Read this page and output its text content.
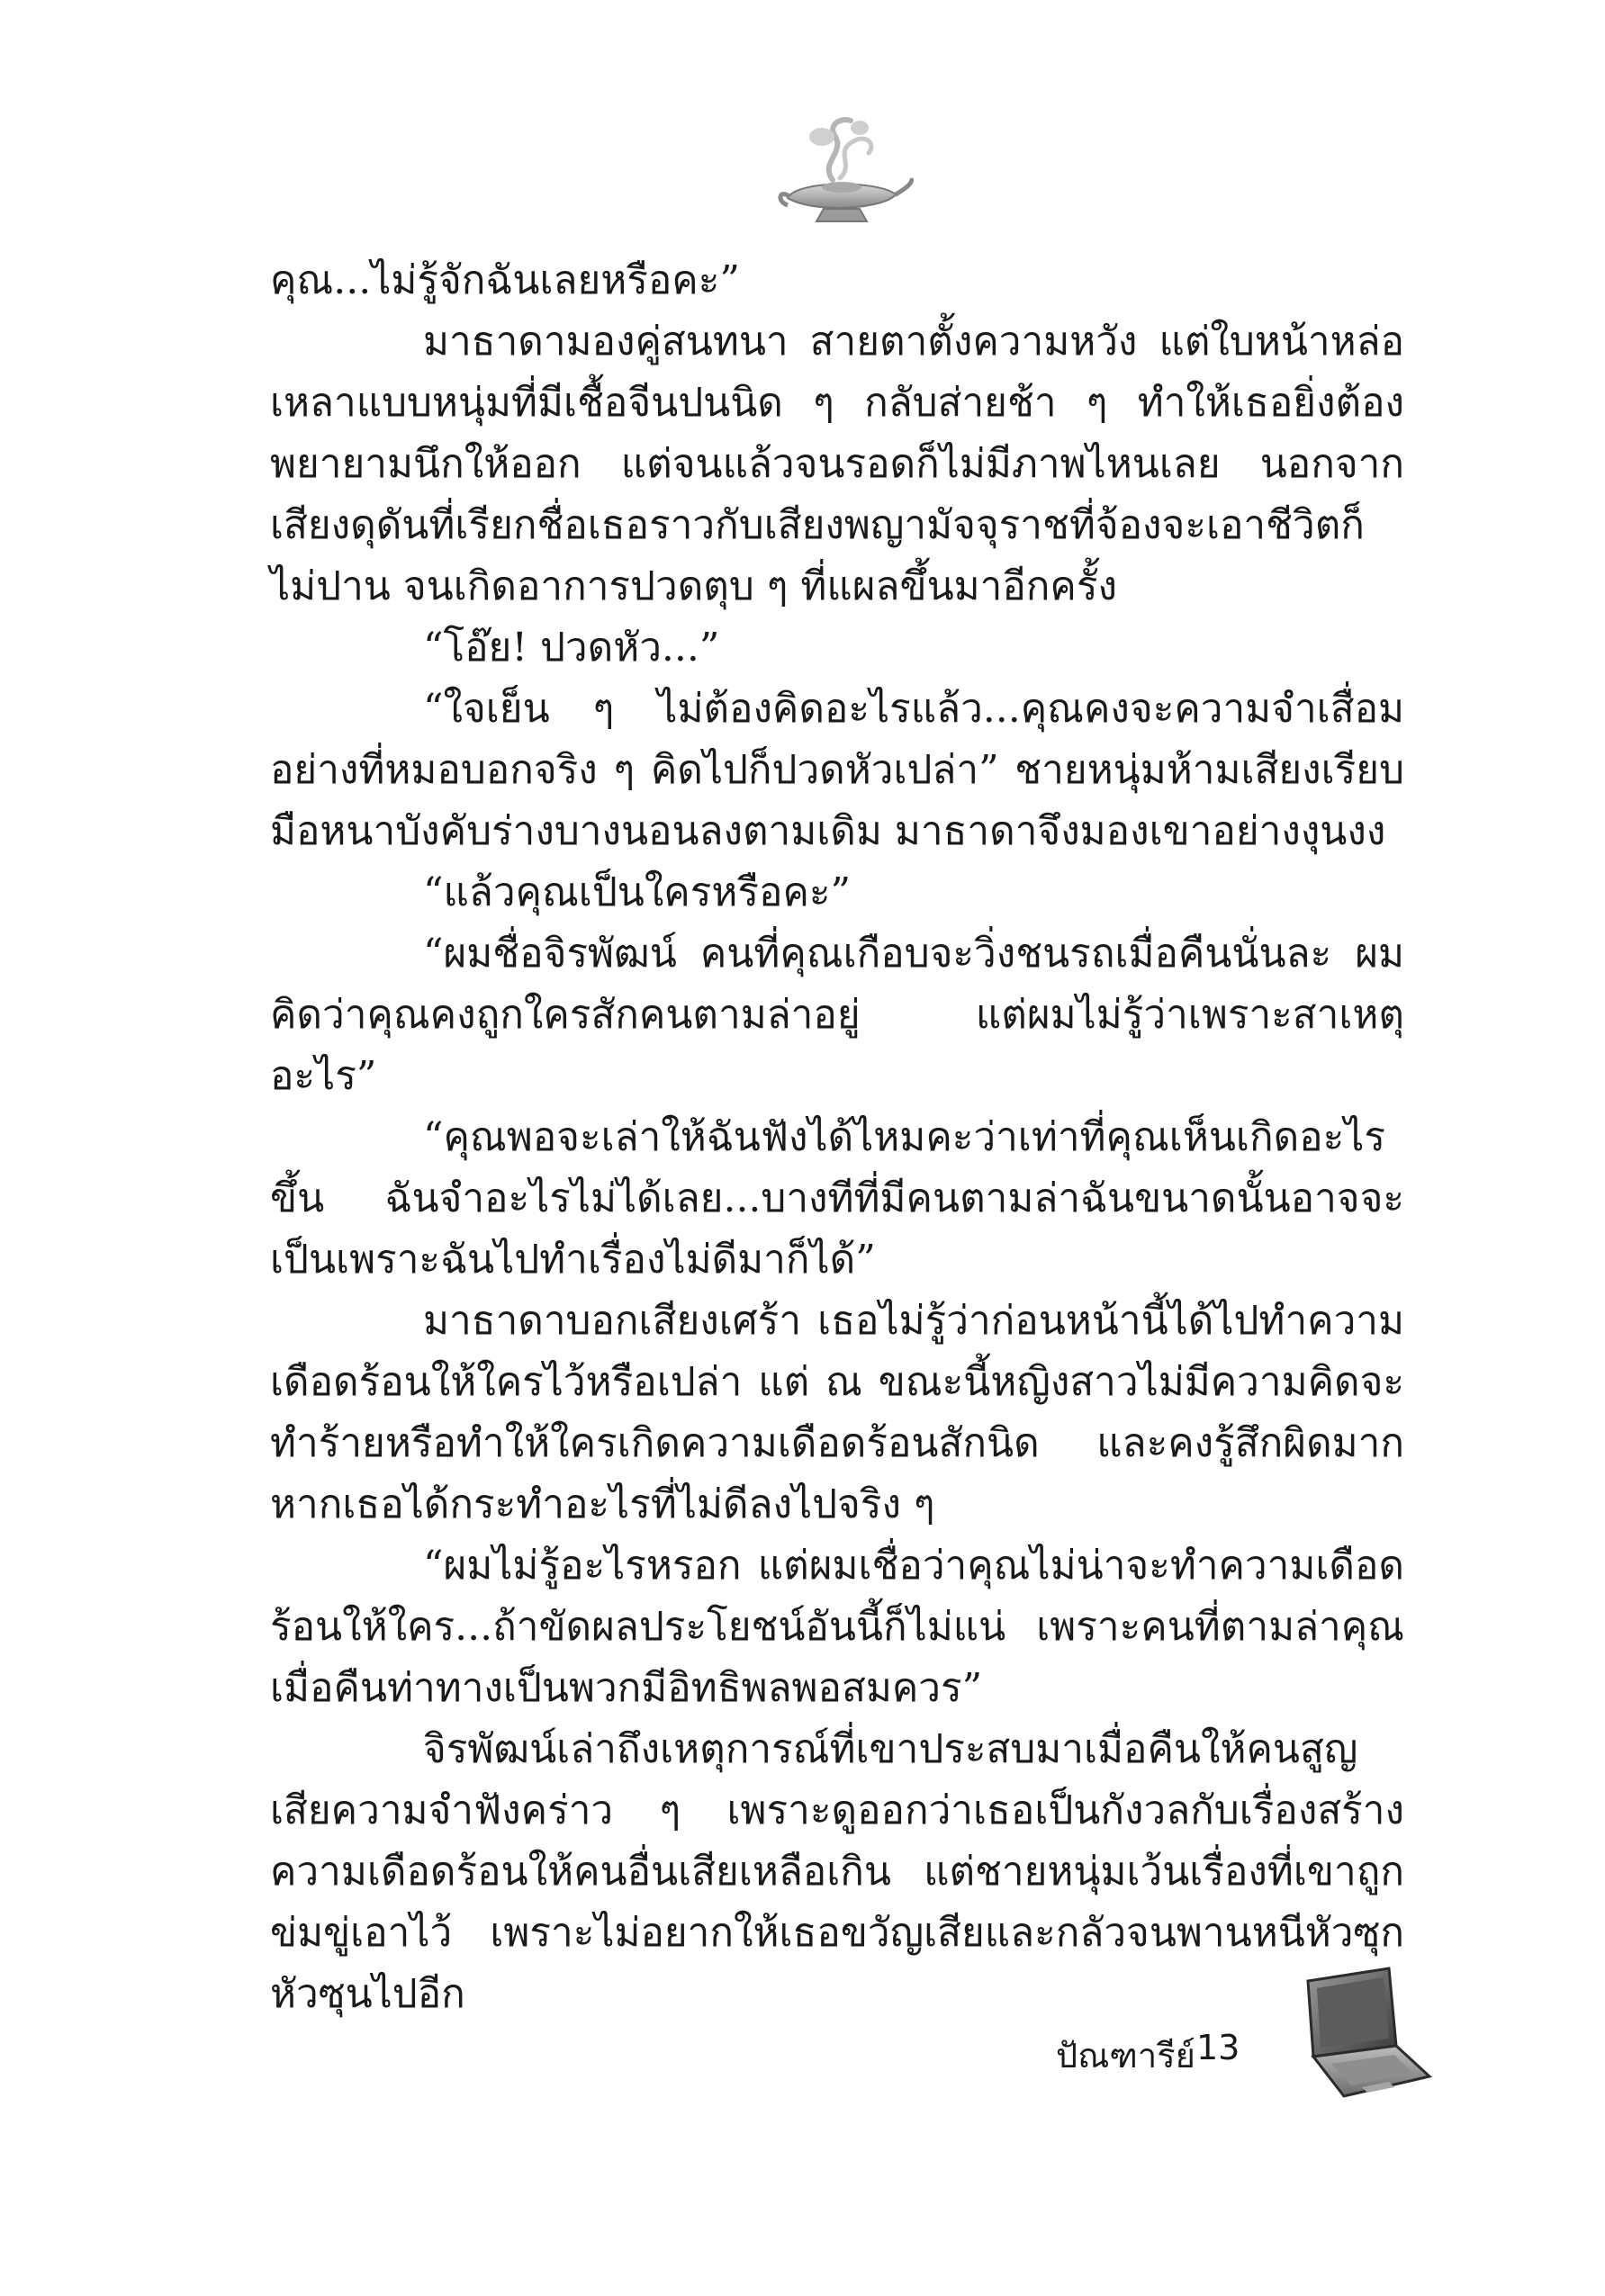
คุณ...ไม่รู้จักฉันเลยหรือคะ”

มาธาดามองคู่สนทนา สายตาตั้งความหวัง แต่ใบหน้าหล่อเหลาแบบหนุ่มที่มีเชื้อจีนปนนิด ๆ กลับส่ายช้า ๆ ทำให้เธอยิ่งต้องพยายามนึกให้ออก แต่จนแล้วจนรอดก็ไม่มีภาพไหนเลย นอกจากเสียงดุดันที่เรียกชื่อเธอราวกับเสียงพญามัจจุราชที่จ้องจะเอาชีวิตก็ไม่ปาน จนเกิดอาการปวดตุบ ๆ ที่แผลขึ้นมาอีกครั้ง

“โอ๊ย! ปวดหัว...”

“ใจเย็น ๆ ไม่ต้องคิดอะไรแล้ว...คุณคงจะความจำเสื่อมอย่างที่หมอบอกจริง ๆ คิดไปก็ปวดหัวเปล่า” ชายหนุ่มห้ามเสียงเรียบ มือหนาบังคับร่างบางนอนลงตามเดิม มาธาดาจึงมองเขาอย่างงุนงง

“แล้วคุณเป็นใครหรือคะ”

“ผมชื่อจิรพัฒน์ คนที่คุณเกือบจะวิ่งชนรถเมื่อคืนนั่นละ ผมคิดว่าคุณคงถูกใครสักคนตามล่าอยู่ แต่ผมไม่รู้ว่าเพราะสาเหตุอะไร”

“คุณพอจะเล่าให้ฉันฟังได้ไหมคะว่าเท่าที่คุณเห็นเกิดอะไรขึ้น ฉันจำอะไรไม่ได้เลย...บางทีที่มีคนตามล่าฉันขนาดนั้นอาจจะเป็นเพราะฉันไปทำเรื่องไม่ดีมาก็ได้”

มาธาดาบอกเสียงเศร้า เธอไม่รู้ว่าก่อนหน้านี้ได้ไปทำความเดือดร้อนให้ใครไว้หรือเปล่า แต่ ณ ขณะนี้หญิงสาวไม่มีความคิดจะทำร้ายหรือทำให้ใครเกิดความเดือดร้อนสักนิด และคงรู้สึกผิดมากหากเธอได้กระทำอะไรที่ไม่ดีลงไปจริง ๆ

“ผมไม่รู้อะไรหรอก แต่ผมเชื่อว่าคุณไม่น่าจะทำความเดือดร้อนให้ใคร...ถ้าขัดผลประโยชน์อันนี้ก็ไม่แน่ เพราะคนที่ตามล่าคุณเมื่อคืนท่าทางเป็นพวกมีอิทธิพลพอสมควร”

จิรพัฒน์เล่าถึงเหตุการณ์ที่เขาประสบมาเมื่อคืนให้คนสูญเสียความจำฟังคร่าว ๆ เพราะดูออกว่าเธอเป็นกังวลกับเรื่องสร้างความเดือดร้อนให้คนอื่นเสียเหลือเกิน แต่ชายหนุ่มเว้นเรื่องที่เขาถูกข่มขู่เอาไว้ เพราะไม่อยากให้เธอขวัญเสียและกลัวจนพานหนีหัวซุกหัวซุนไปอีก

ปัณฑารีย์ 13
